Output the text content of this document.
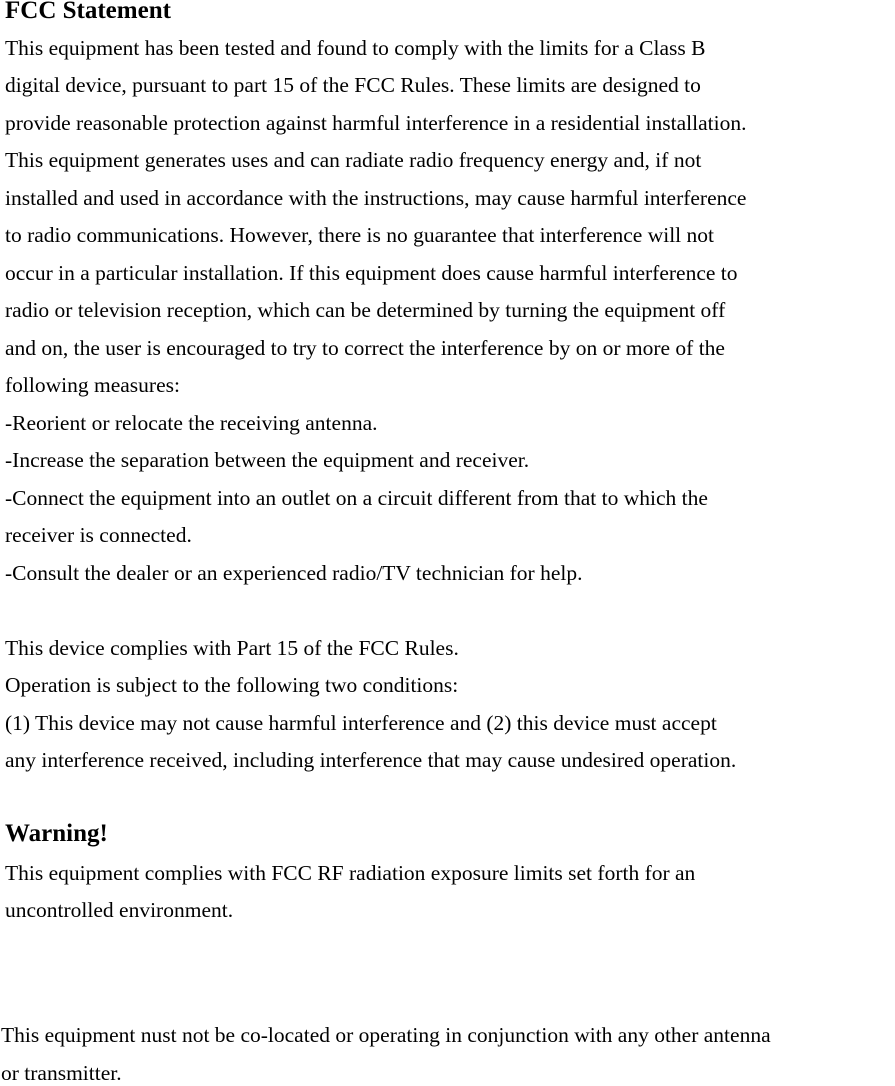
FCC Statement

This equipment has been tested and found to comply with the limits for a Class B

digital device, pursuant to part 15 of the FCC Rules. These limits are designed to

provide reasonable protection against harmful interference in a residential installation.

This equipment generates uses and can radiate radio frequency energy and, if not

installed and used in accordance with the instructions, may cause harmful interference

to radio communications. However, there is no guarantee that interference will not

occur in a particular installation. If this equipment does cause harmful interference to

radio or television reception, which can be determined by turning the equipment off

and on, the user is encouraged to try to correct the interference by on or more of the

following measures:

-Reorient or relocate the receiving antenna.

-Increase the separation between the equipment and receiver.

-Connect the equipment into an outlet on a circuit different from that to which the

receiver is connected.

-Consult the dealer or an experienced radio/TV technician for help.

This device complies with Part 15 of the FCC Rules.

Operation is subject to the following two conditions:

(1) This device may not cause harmful interference and (2) this device must accept

any interference received, including interference that may cause undesired operation.

Warning!

This equipment complies with FCC RF radiation exposure limits set forth for an

uncontrolled environment.

This equipment nust not be co-located or operating in conjunction with any other antenna

or transmitter.
